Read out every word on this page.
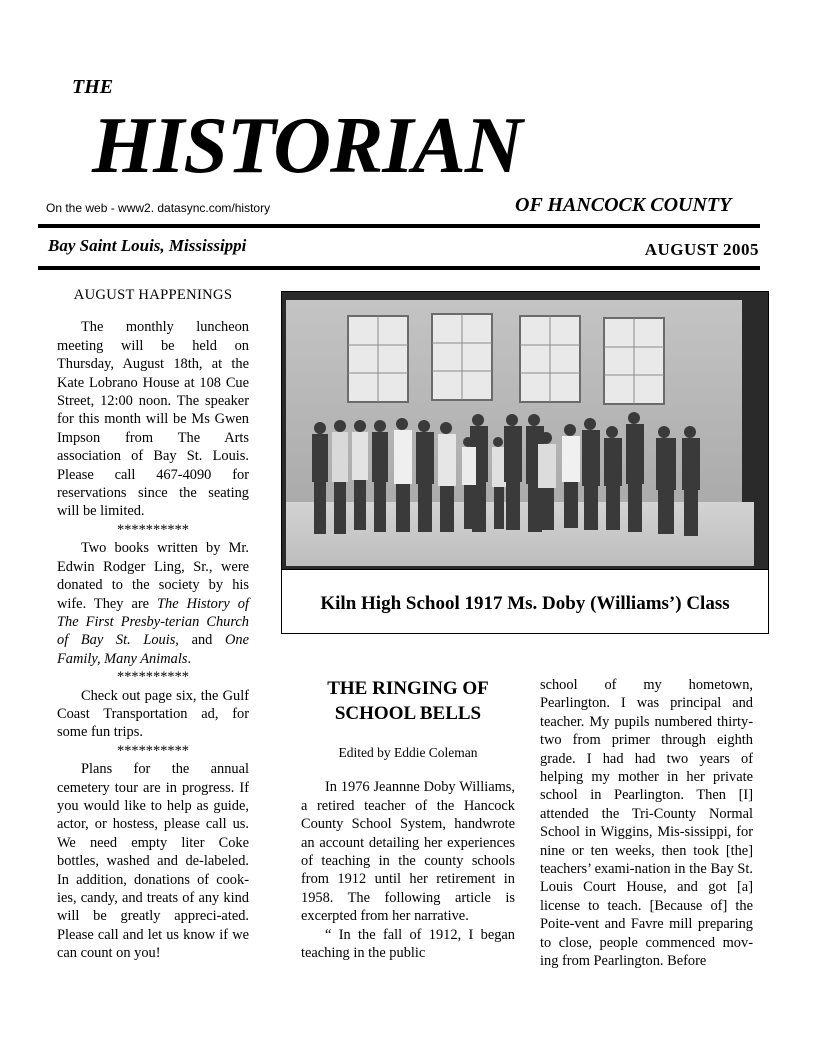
THE
HISTORIAN
On the web - www2. datasync.com/history	OF HANCOCK COUNTY
Bay Saint Louis, Mississippi	AUGUST 2005
AUGUST HAPPENINGS

The monthly luncheon meeting will be held on Thursday, August 18th, at the Kate Lobrano House at 108 Cue Street, 12:00 noon. The speaker for this month will be Ms Gwen Impson from The Arts association of Bay St. Louis. Please call 467-4090 for reservations since the seating will be limited.

**********

Two books written by Mr. Edwin Rodger Ling, Sr., were donated to the society by his wife. They are The History of The First Presby-terian Church of Bay St. Louis, and One Family, Many Animals.

**********

Check out page six, the Gulf Coast Transportation ad, for some fun trips.

**********

Plans for the annual cemetery tour are in progress. If you would like to help as guide, actor, or hostess, please call us. We need empty liter Coke bottles, washed and de-labeled. In addition, donations of cook-ies, candy, and treats of any kind will be greatly appreci-ated. Please call and let us know if we can count on you!

Kiln High School 1917 Ms. Doby (Williams’) Class
THE RINGING OF
SCHOOL BELLS
Edited by Eddie Coleman

In 1976 Jeannne Doby Williams, a retired teacher of the Hancock County School System, handwrote an account detailing her experiences of teaching in the county schools from 1912 until her retirement in 1958. The following article is excerpted from her narrative.

“ In the fall of 1912, I began teaching in the public

school of my hometown, Pearlington. I was principal and teacher. My pupils numbered thirty-two from primer through eighth grade. I had had two years of helping my mother in her private school in Pearlington. Then [I] attended the Tri-County Normal School in Wiggins, Mis-sissippi, for nine or ten weeks, then took [the] teachers’ exami-nation in the Bay St. Louis Court House, and got [a] license to teach. [Because of] the Poite-vent and Favre mill preparing to close, people commenced mov-ing from Pearlington. Before
